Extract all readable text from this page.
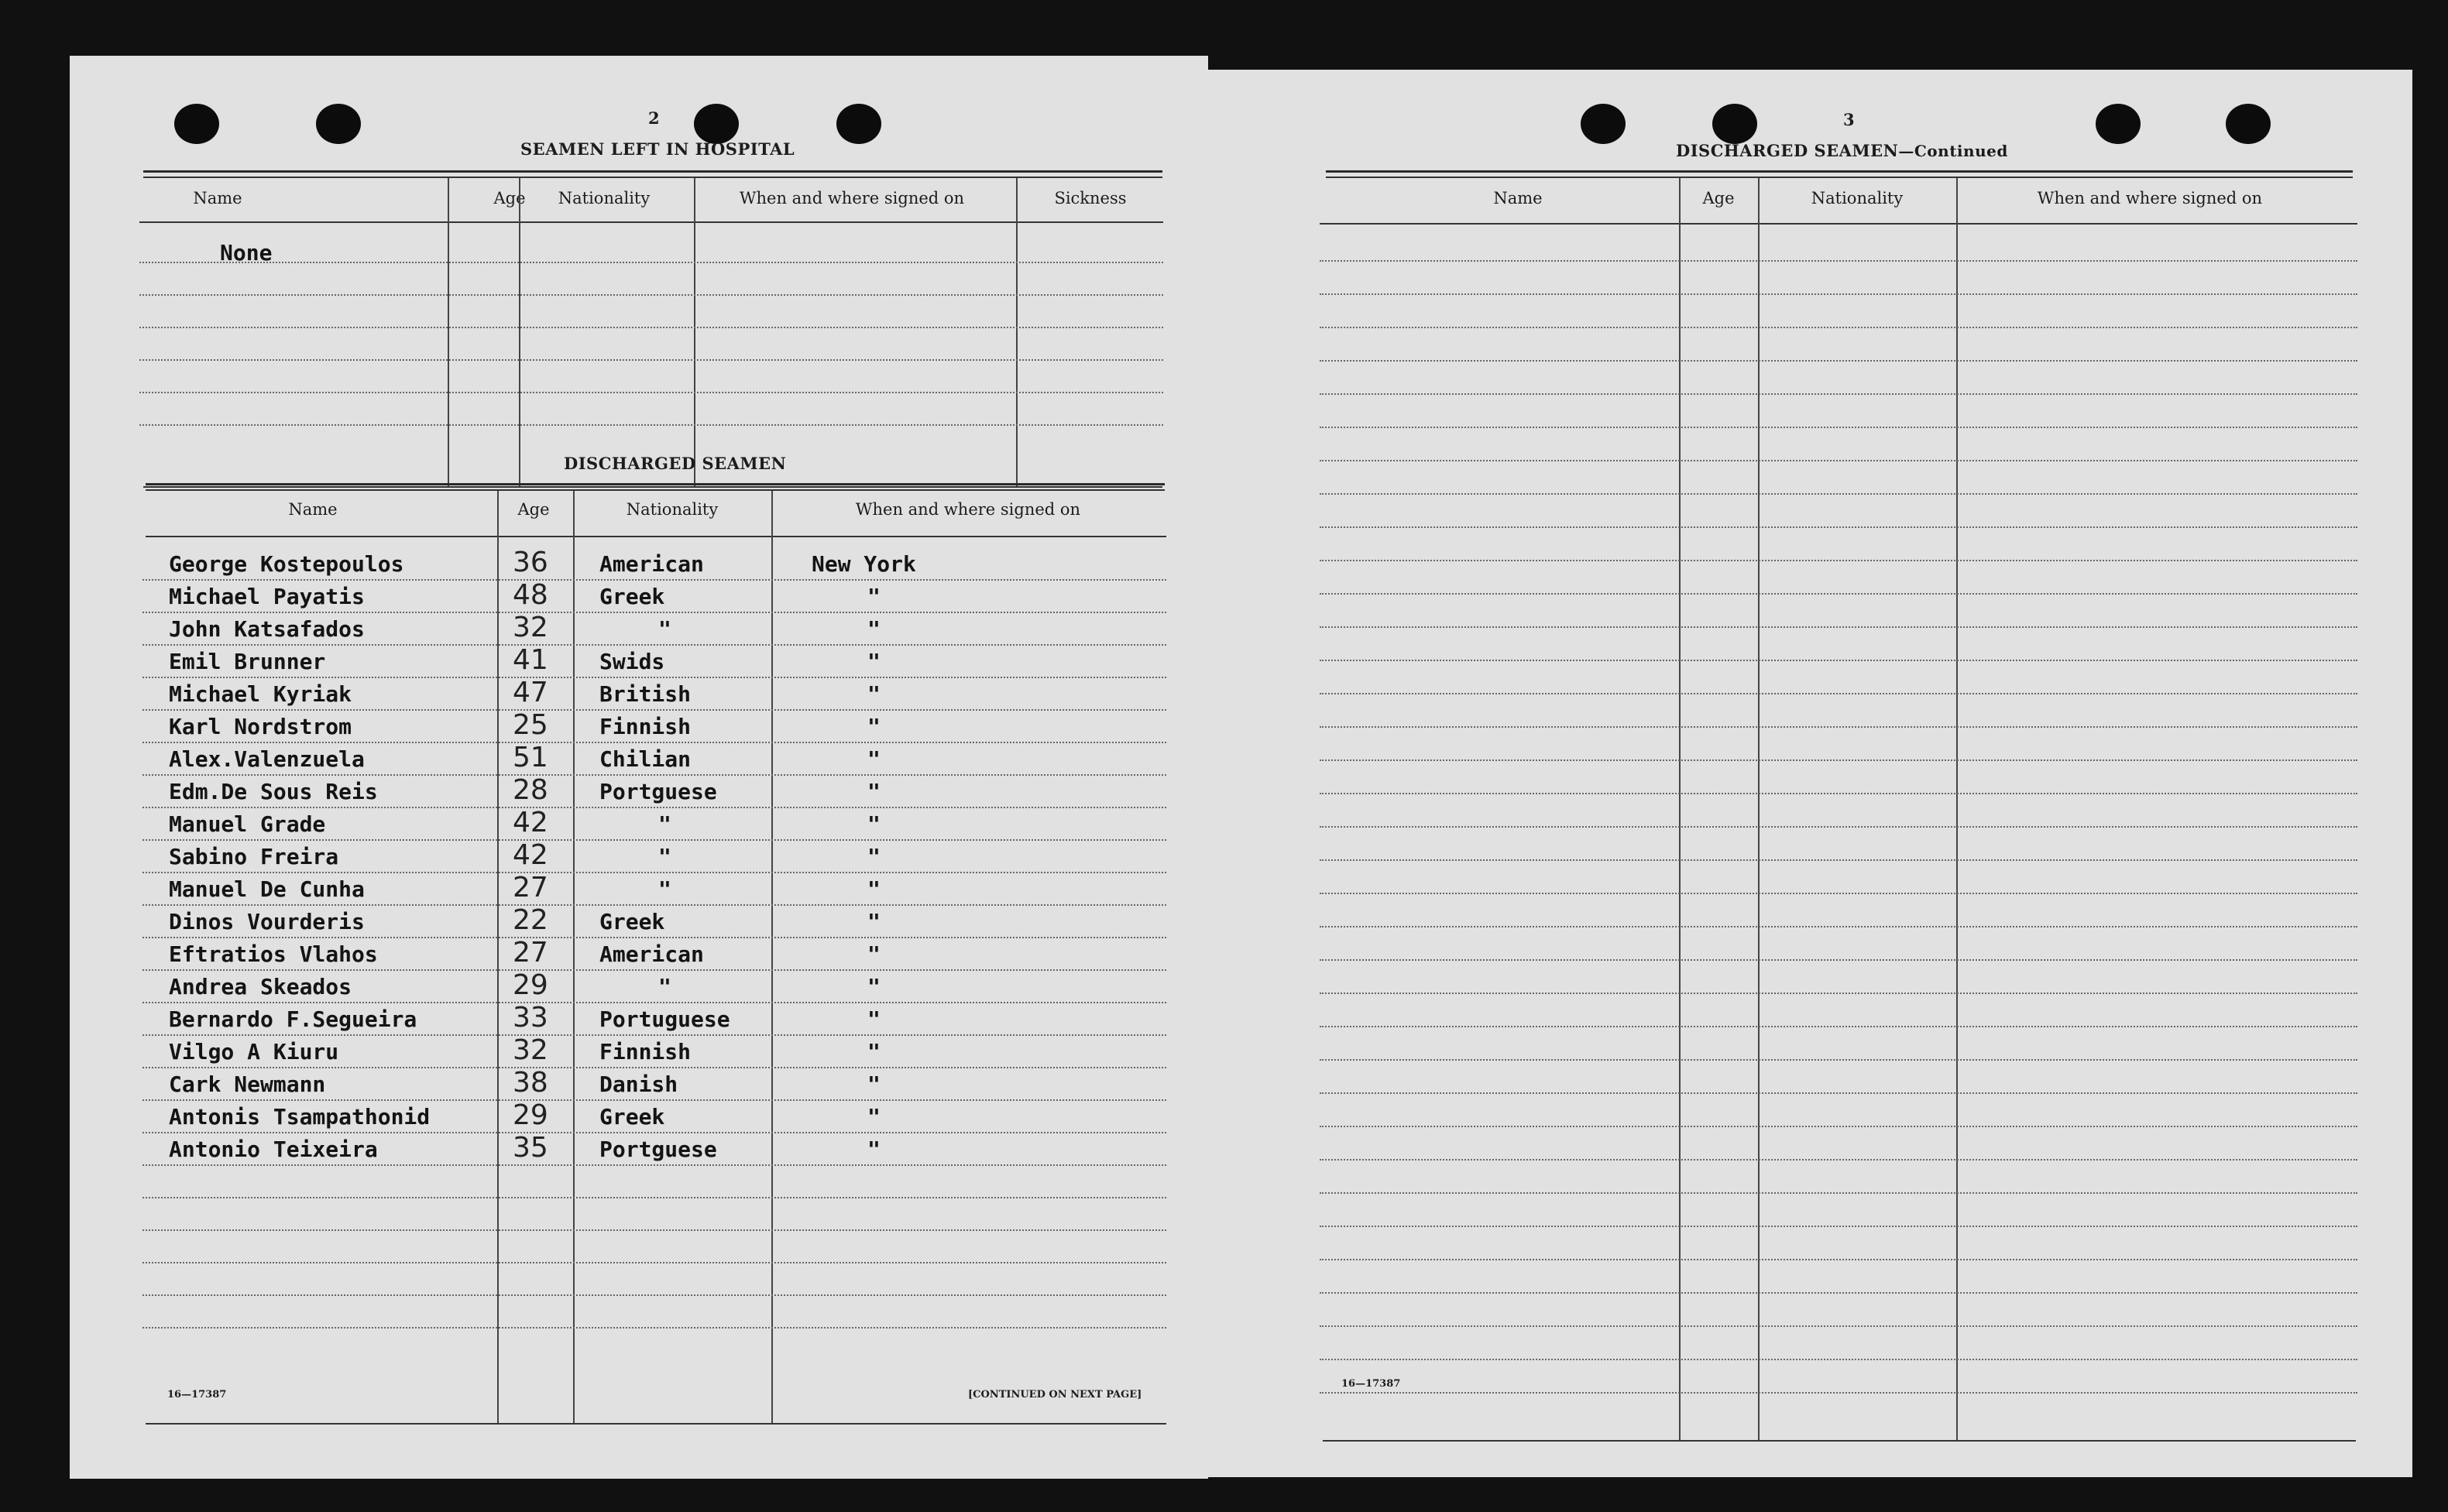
2
SEAMEN LEFT IN HOSPITAL
Name	Age	Nationality	When and where signed on	Sickness
None
DISCHARGED SEAMEN
Name	Age	Nationality	When and where signed on
George Kostepoulos	36 American	New York
Michael Payatis	48 Greek	"
John Katsafados	32	"	"
Emil Brunner	41 Swids	"
Michael Kyriak	47 British	"
Karl Nordstrom	25 Finnish	"
Alex.Valenzuela	51 Chilian	"
Edm.De Sous Reis	28 Portguese	"
Manuel Grade	42	"	"
Sabino Freira	42	"	"
Manuel De Cunha	27	"	"
Dinos Vourderis	22 Greek	"
Eftratios Vlahos	27 American	"
Andrea Skeados	29	"	"
Bernardo F.Segueira	33 Portuguese	"
Vilgo A Kiuru	32 Finnish	"
Cark Newmann	38 Danish	"
Antonis Tsampathonid	29 Greek	"
Antonio Teixeira	35 Portguese	"
16—17387	[CONTINUED ON NEXT PAGE]
3
DISCHARGED SEAMEN—Continued
Name	Age	Nationality	When and where signed on
16—17387
